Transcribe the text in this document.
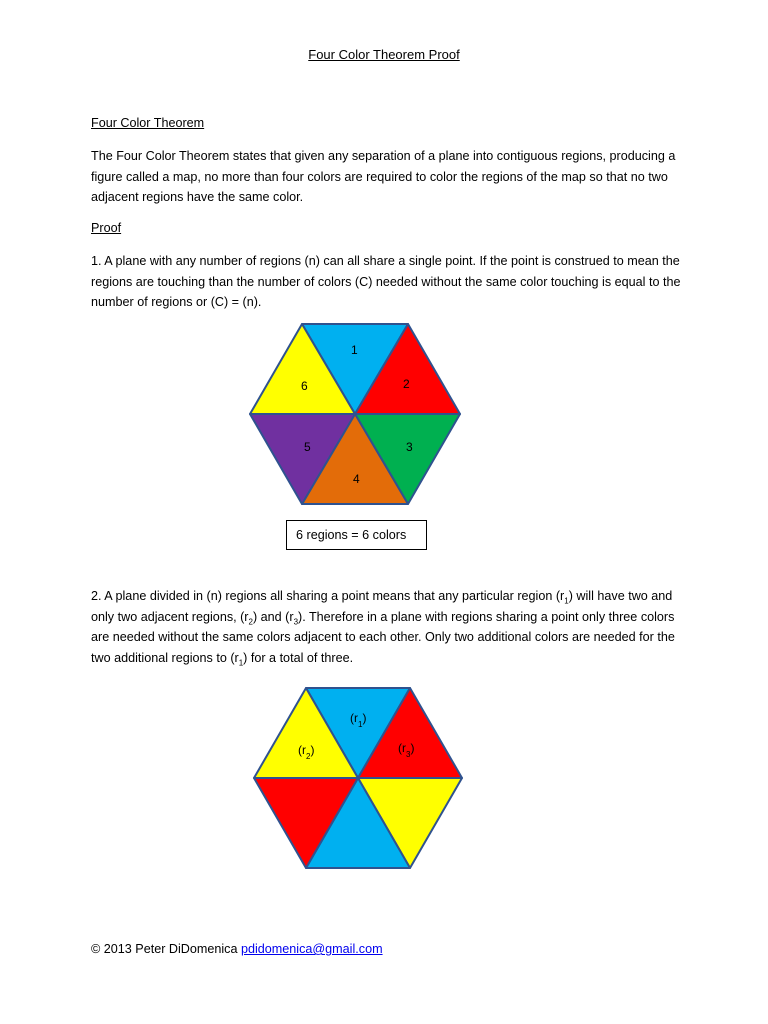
Four Color Theorem Proof
Four Color Theorem

The Four Color Theorem states that given any separation of a plane into contiguous regions, producing a figure called a map, no more than four colors are required to color the regions of the map so that no two adjacent regions have the same color.

Proof

1. A plane with any number of regions (n) can all share a single point. If the point is construed to mean the regions are touching than the number of colors (C) needed without the same color touching is equal to the number of regions or (C) = (n).

1
2
3
4
5
6
6 regions = 6 colors

2. A plane divided in (n) regions all sharing a point means that any particular region $(r_1)$ will have two and only two adjacent regions, $(r_2)$ and $(r_3)$. Therefore in a plane with regions sharing a point only three colors are needed without the same colors adjacent to each other. Only two additional colors are needed for the two additional regions to $(r_1)$ for a total of three.

$(r_1)$
$(r_3)$
$(r_2)$
© 2013 Peter DiDomenica pdidomenica@gmail.com
